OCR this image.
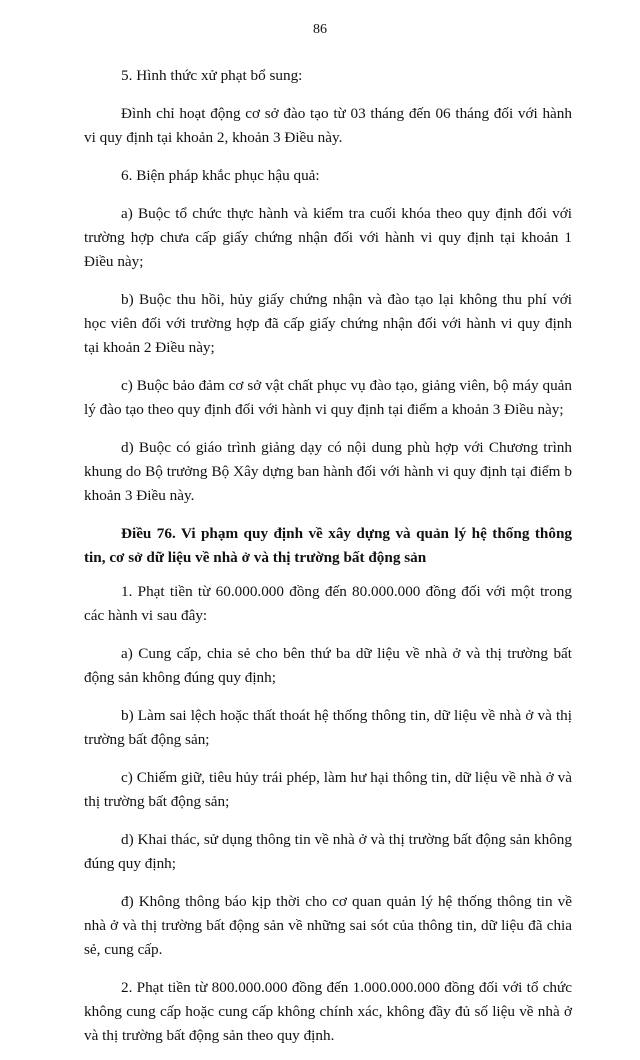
86

5. Hình thức xử phạt bổ sung:

Đình chỉ hoạt động cơ sở đào tạo từ 03 tháng đến 06 tháng đối với hành vi quy định tại khoản 2, khoản 3 Điều này.

6. Biện pháp khắc phục hậu quả:

a) Buộc tổ chức thực hành và kiểm tra cuối khóa theo quy định đối với trường hợp chưa cấp giấy chứng nhận đối với hành vi quy định tại khoản 1 Điều này;

b) Buộc thu hồi, hủy giấy chứng nhận và đào tạo lại không thu phí với học viên đối với trường hợp đã cấp giấy chứng nhận đối với hành vi quy định tại khoản 2 Điều này;

c) Buộc bảo đảm cơ sở vật chất phục vụ đào tạo, giảng viên, bộ máy quản lý đào tạo theo quy định đối với hành vi quy định tại điểm a khoản 3 Điều này;

d) Buộc có giáo trình giảng dạy có nội dung phù hợp với Chương trình khung do Bộ trưởng Bộ Xây dựng ban hành đối với hành vi quy định tại điểm b khoản 3 Điều này.

Điều 76. Vi phạm quy định về xây dựng và quản lý hệ thống thông tin, cơ sở dữ liệu về nhà ở và thị trường bất động sản

1. Phạt tiền từ 60.000.000 đồng đến 80.000.000 đồng đối với một trong các hành vi sau đây:

a) Cung cấp, chia sẻ cho bên thứ ba dữ liệu về nhà ở và thị trường bất động sản không đúng quy định;

b) Làm sai lệch hoặc thất thoát hệ thống thông tin, dữ liệu về nhà ở và thị trường bất động sản;

c) Chiếm giữ, tiêu hủy trái phép, làm hư hại thông tin, dữ liệu về nhà ở và thị trường bất động sản;

d) Khai thác, sử dụng thông tin về nhà ở và thị trường bất động sản không đúng quy định;

đ) Không thông báo kịp thời cho cơ quan quản lý hệ thống thông tin về nhà ở và thị trường bất động sản về những sai sót của thông tin, dữ liệu đã chia sẻ, cung cấp.

2. Phạt tiền từ 800.000.000 đồng đến 1.000.000.000 đồng đối với tổ chức không cung cấp hoặc cung cấp không chính xác, không đầy đủ số liệu về nhà ở và thị trường bất động sản theo quy định.
